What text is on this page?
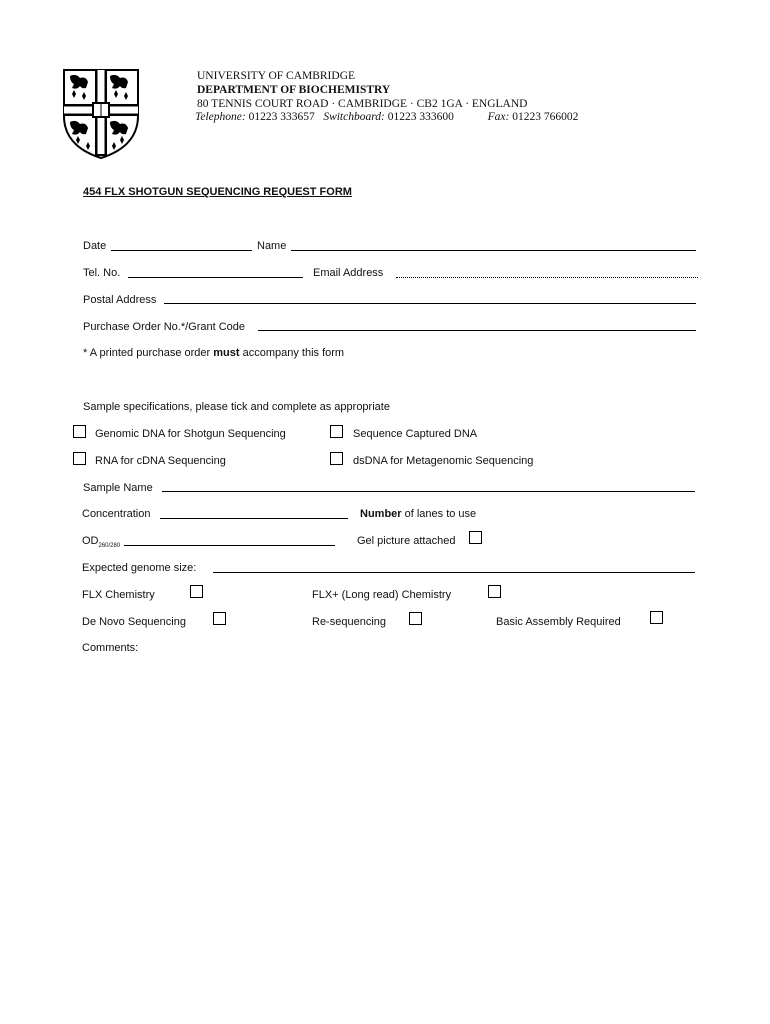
UNIVERSITY OF CAMBRIDGE
DEPARTMENT OF BIOCHEMISTRY
80 TENNIS COURT ROAD · CAMBRIDGE · CB2 1GA · ENGLAND
Telephone: 01223 333657 Switchboard: 01223 333600	Fax: 01223 766002
454 FLX SHOTGUN SEQUENCING REQUEST FORM
Date	Name
Tel. No.	Email Address
Postal Address
Purchase Order No.*/Grant Code
* A printed purchase order must accompany this form
Sample specifications, please tick and complete as appropriate
Genomic DNA for Shotgun Sequencing	Sequence Captured DNA
RNA for cDNA Sequencing	dsDNA for Metagenomic Sequencing
Sample Name
Concentration	Number of lanes to use
$OD_{260/280}$	Gel picture attached
Expected genome size:
FLX Chemistry	FLX+ (Long read) Chemistry
De Novo Sequencing	Re-sequencing	Basic Assembly Required
Comments:
